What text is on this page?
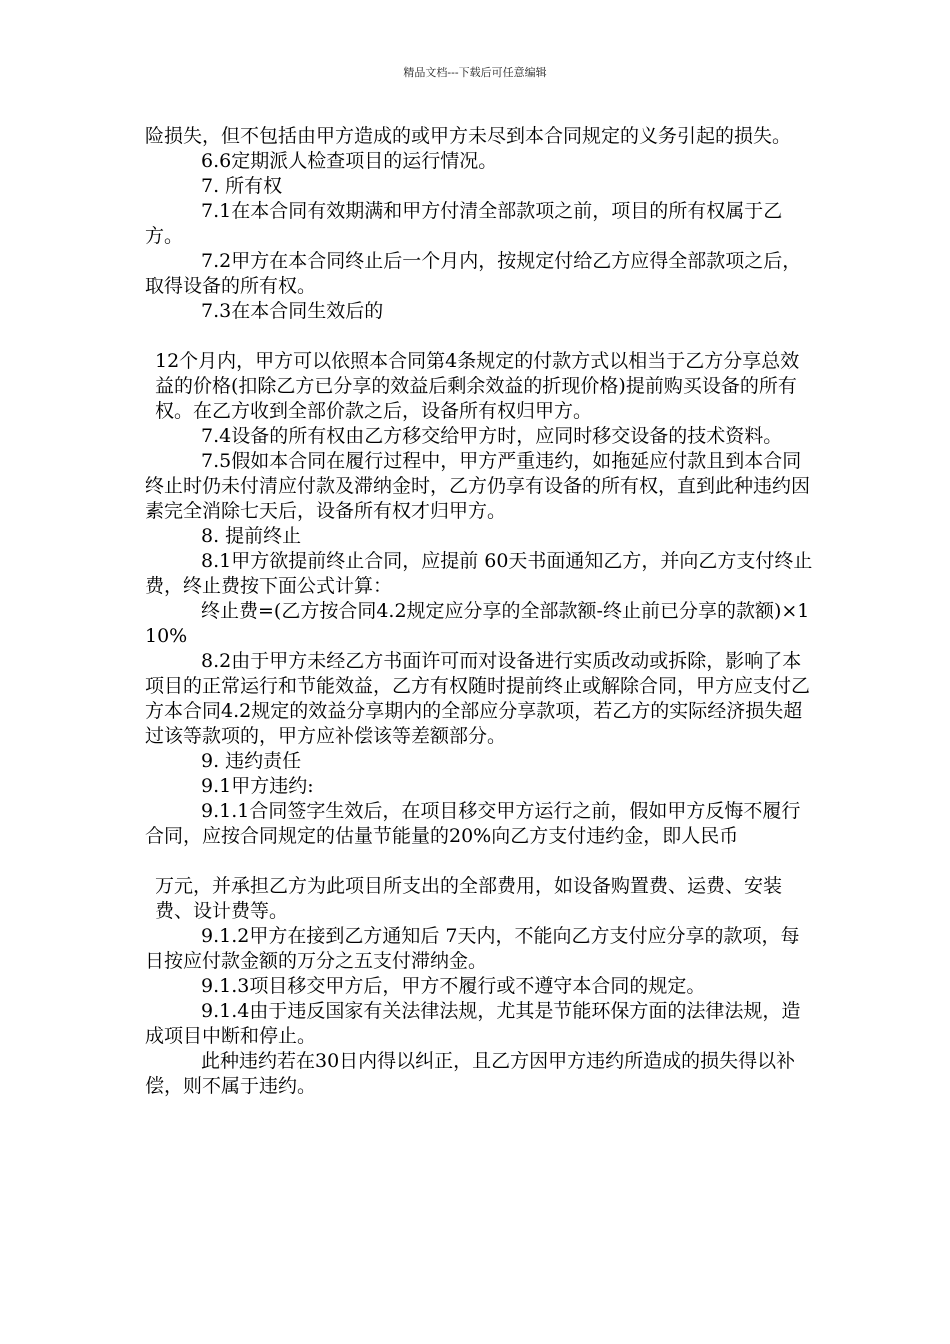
精品文档---下载后可任意编辑

险损失，但不包括由甲方造成的或甲方未尽到本合同规定的义务引起的损失。

6.6定期派人检查项目的运行情况。

7. 所有权

7.1在本合同有效期满和甲方付清全部款项之前，项目的所有权属于乙方。

7.2甲方在本合同终止后一个月内，按规定付给乙方应得全部款项之后，取得设备的所有权。

7.3在本合同生效后的

12个月内，甲方可以依照本合同第4条规定的付款方式以相当于乙方分享总效益的价格(扣除乙方已分享的效益后剩余效益的折现价格)提前购买设备的所有权。在乙方收到全部价款之后，设备所有权归甲方。

7.4设备的所有权由乙方移交给甲方时，应同时移交设备的技术资料。

7.5假如本合同在履行过程中，甲方严重违约，如拖延应付款且到本合同终止时仍未付清应付款及滞纳金时，乙方仍享有设备的所有权，直到此种违约因素完全消除七天后，设备所有权才归甲方。

8. 提前终止

8.1甲方欲提前终止合同，应提前 60天书面通知乙方，并向乙方支付终止费，终止费按下面公式计算：

终止费=(乙方按合同4.2规定应分享的全部款额-终止前已分享的款额)×110%

8.2由于甲方未经乙方书面许可而对设备进行实质改动或拆除，影响了本项目的正常运行和节能效益，乙方有权随时提前终止或解除合同，甲方应支付乙方本合同4.2规定的效益分享期内的全部应分享款项，若乙方的实际经济损失超过该等款项的，甲方应补偿该等差额部分。

9. 违约责任

9.1甲方违约:

9.1.1合同签字生效后，在项目移交甲方运行之前，假如甲方反悔不履行合同，应按合同规定的估量节能量的20%向乙方支付违约金，即人民币

万元，并承担乙方为此项目所支出的全部费用，如设备购置费、运费、安装费、设计费等。

9.1.2甲方在接到乙方通知后 7天内，不能向乙方支付应分享的款项，每日按应付款金额的万分之五支付滞纳金。

9.1.3项目移交甲方后，甲方不履行或不遵守本合同的规定。

9.1.4由于违反国家有关法律法规，尤其是节能环保方面的法律法规，造成项目中断和停止。

此种违约若在30日内得以纠正，且乙方因甲方违约所造成的损失得以补偿，则不属于违约。
